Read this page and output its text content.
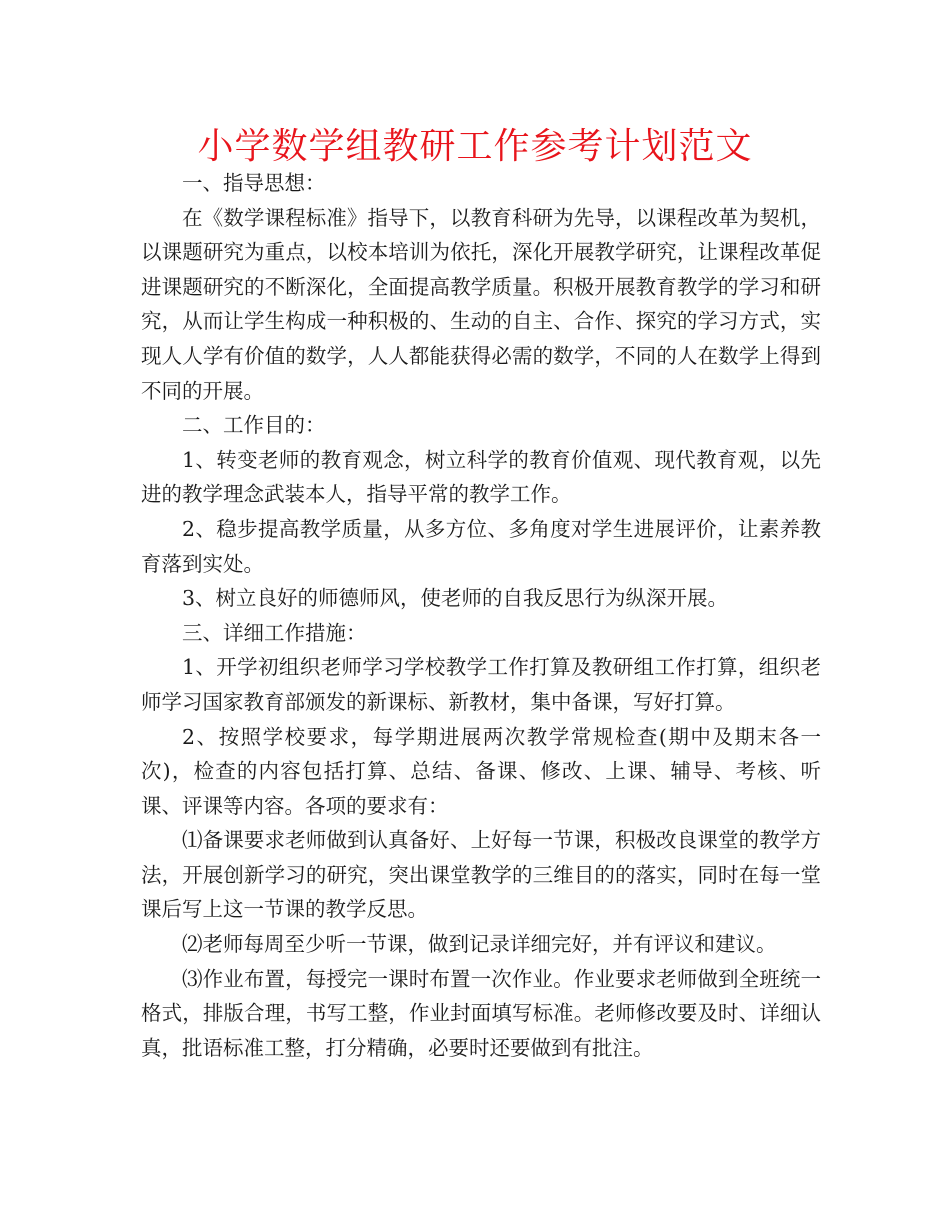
小学数学组教研工作参考计划范文

一、指导思想：

在《数学课程标准》指导下，以教育科研为先导，以课程改革为契机，以课题研究为重点，以校本培训为依托，深化开展教学研究，让课程改革促进课题研究的不断深化，全面提高教学质量。积极开展教育教学的学习和研究，从而让学生构成一种积极的、生动的自主、合作、探究的学习方式，实现人人学有价值的数学，人人都能获得必需的数学，不同的人在数学上得到不同的开展。

二、工作目的：

1、转变老师的教育观念，树立科学的教育价值观、现代教育观，以先进的教学理念武装本人，指导平常的教学工作。

2、稳步提高教学质量，从多方位、多角度对学生进展评价，让素养教育落到实处。

3、树立良好的师德师风，使老师的自我反思行为纵深开展。

三、详细工作措施：

1、开学初组织老师学习学校教学工作打算及教研组工作打算，组织老师学习国家教育部颁发的新课标、新教材，集中备课，写好打算。

2、按照学校要求，每学期进展两次教学常规检查(期中及期末各一次)，检查的内容包括打算、总结、备课、修改、上课、辅导、考核、听课、评课等内容。各项的要求有：

⑴备课要求老师做到认真备好、上好每一节课，积极改良课堂的教学方法，开展创新学习的研究，突出课堂教学的三维目的的落实，同时在每一堂课后写上这一节课的教学反思。

⑵老师每周至少听一节课，做到记录详细完好，并有评议和建议。

⑶作业布置，每授完一课时布置一次作业。作业要求老师做到全班统一格式，排版合理，书写工整，作业封面填写标准。老师修改要及时、详细认真，批语标准工整，打分精确，必要时还要做到有批注。
